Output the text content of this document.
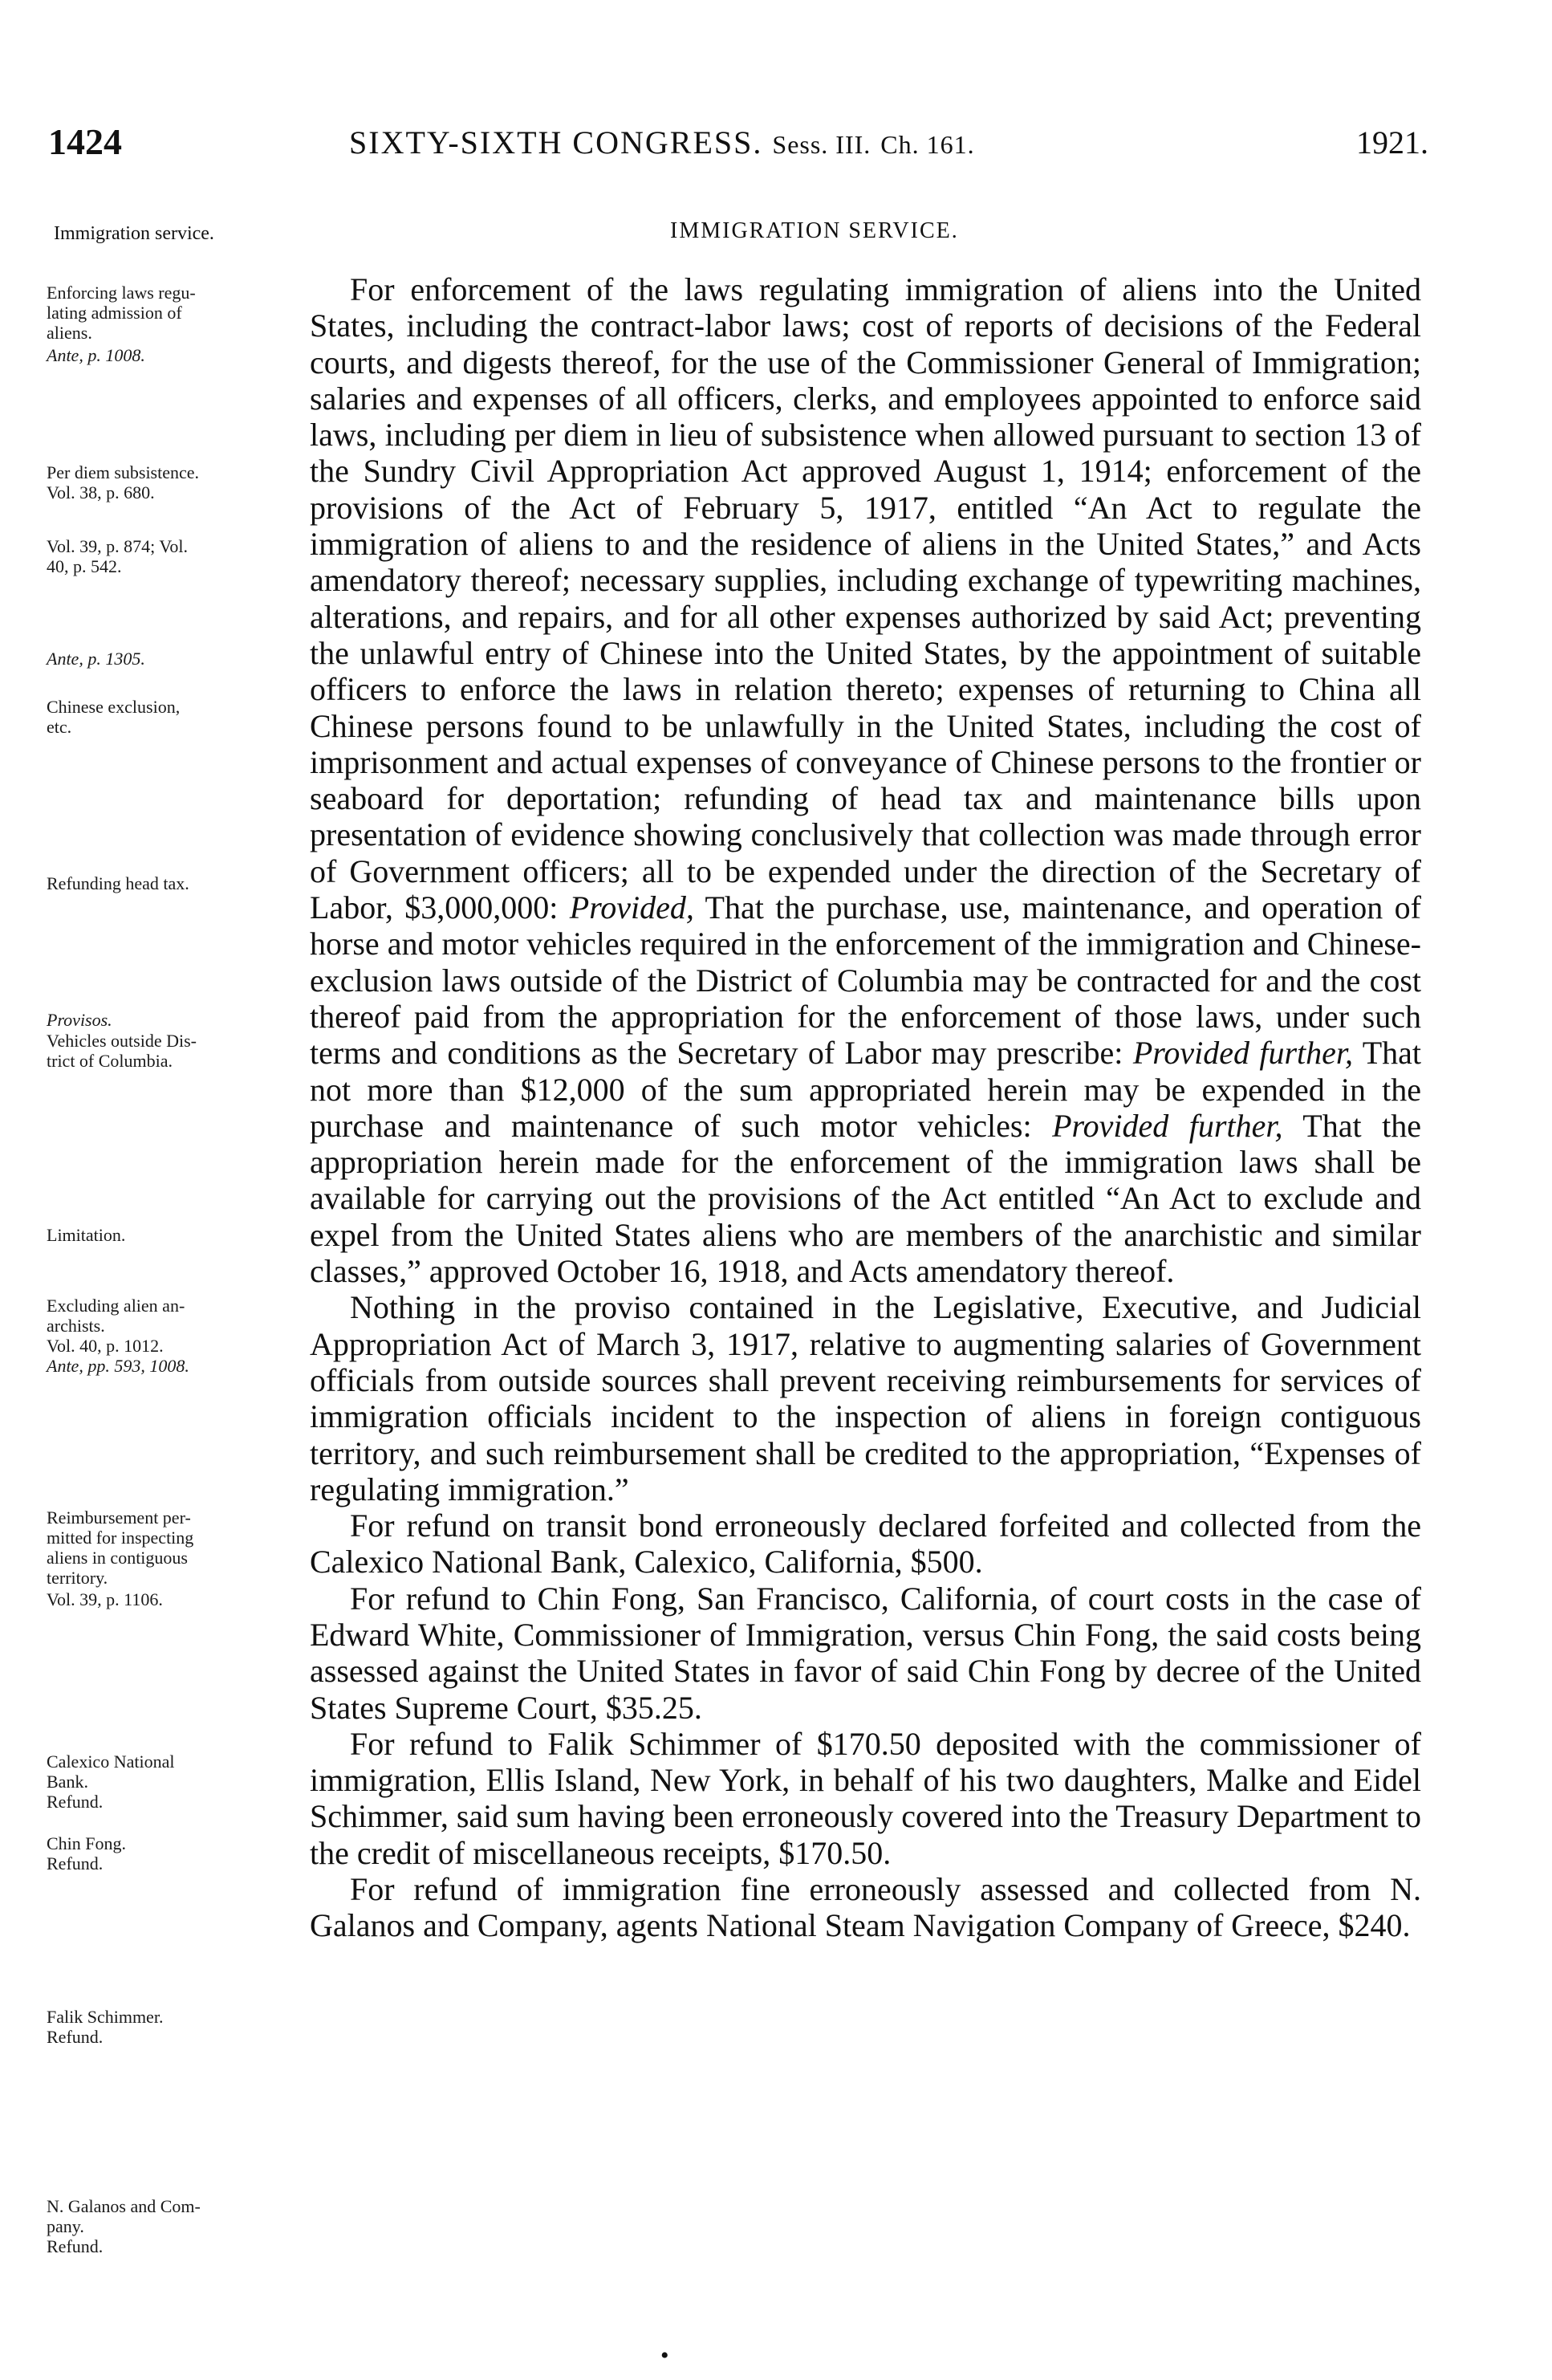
1424	SIXTY-SIXTH CONGRESS. Sess. III. Ch. 161.	1921.
Immigration service.	IMMIGRATION SERVICE.
Enforcing laws regu-
lating admission of
aliens.
Ante, p. 1008.
Per diem subsistence.
Vol. 38, p. 680.
Vol. 39, p. 874; Vol.
40, p. 542.
Ante, p. 1305.
Chinese exclusion,
etc.
Refunding head tax.
Provisos.
Vehicles outside Dis-
trict of Columbia.
Limitation.
Excluding alien an-
archists.
Vol. 40, p. 1012.
Ante, pp. 593, 1008.
Reimbursement per-
mitted for inspecting
aliens in contiguous
territory.
Vol. 39, p. 1106.
Calexico National
Bank.
Refund.
Chin Fong.
Refund.
Falik Schimmer.
Refund.
N. Galanos and Com-
pany.
Refund.

For enforcement of the laws regulating immigration of aliens into the United States, including the contract-labor laws; cost of reports of decisions of the Federal courts, and digests thereof, for the use of the Commissioner General of Immigration; salaries and expenses of all officers, clerks, and employees appointed to enforce said laws, including per diem in lieu of subsistence when allowed pursuant to section 13 of the Sundry Civil Appropriation Act approved August 1, 1914; enforcement of the provisions of the Act of February 5, 1917, entitled “An Act to regulate the immigration of aliens to and the residence of aliens in the United States,” and Acts amendatory thereof; necessary supplies, including exchange of typewriting machines, alterations, and repairs, and for all other expenses authorized by said Act; preventing the unlawful entry of Chinese into the United States, by the appointment of suitable officers to enforce the laws in relation thereto; expenses of returning to China all Chinese persons found to be unlawfully in the United States, including the cost of imprisonment and actual expenses of conveyance of Chinese persons to the frontier or seaboard for deportation; refunding of head tax and maintenance bills upon presentation of evidence showing conclusively that collection was made through error of Government officers; all to be expended under the direction of the Secretary of Labor, $3,000,000: Provided, That the purchase, use, maintenance, and operation of horse and motor vehicles required in the enforcement of the immigration and Chinese-exclusion laws outside of the District of Columbia may be contracted for and the cost thereof paid from the appropriation for the enforcement of those laws, under such terms and conditions as the Secretary of Labor may prescribe: Provided further, That not more than $12,000 of the sum appropriated herein may be expended in the purchase and maintenance of such motor vehicles: Provided further, That the appropriation herein made for the enforcement of the immigration laws shall be available for carrying out the provisions of the Act entitled “An Act to exclude and expel from the United States aliens who are members of the anarchistic and similar classes,” approved October 16, 1918, and Acts amendatory thereof.

Nothing in the proviso contained in the Legislative, Executive, and Judicial Appropriation Act of March 3, 1917, relative to augmenting salaries of Government officials from outside sources shall prevent receiving reimbursements for services of immigration officials incident to the inspection of aliens in foreign contiguous territory, and such reimbursement shall be credited to the appropriation, “Expenses of regulating immigration.”

For refund on transit bond erroneously declared forfeited and collected from the Calexico National Bank, Calexico, California, $500.

For refund to Chin Fong, San Francisco, California, of court costs in the case of Edward White, Commissioner of Immigration, versus Chin Fong, the said costs being assessed against the United States in favor of said Chin Fong by decree of the United States Supreme Court, $35.25.

For refund to Falik Schimmer of $170.50 deposited with the commissioner of immigration, Ellis Island, New York, in behalf of his two daughters, Malke and Eidel Schimmer, said sum having been erroneously covered into the Treasury Department to the credit of miscellaneous receipts, $170.50.

For refund of immigration fine erroneously assessed and collected from N. Galanos and Company, agents National Steam Navigation Company of Greece, $240.

•
